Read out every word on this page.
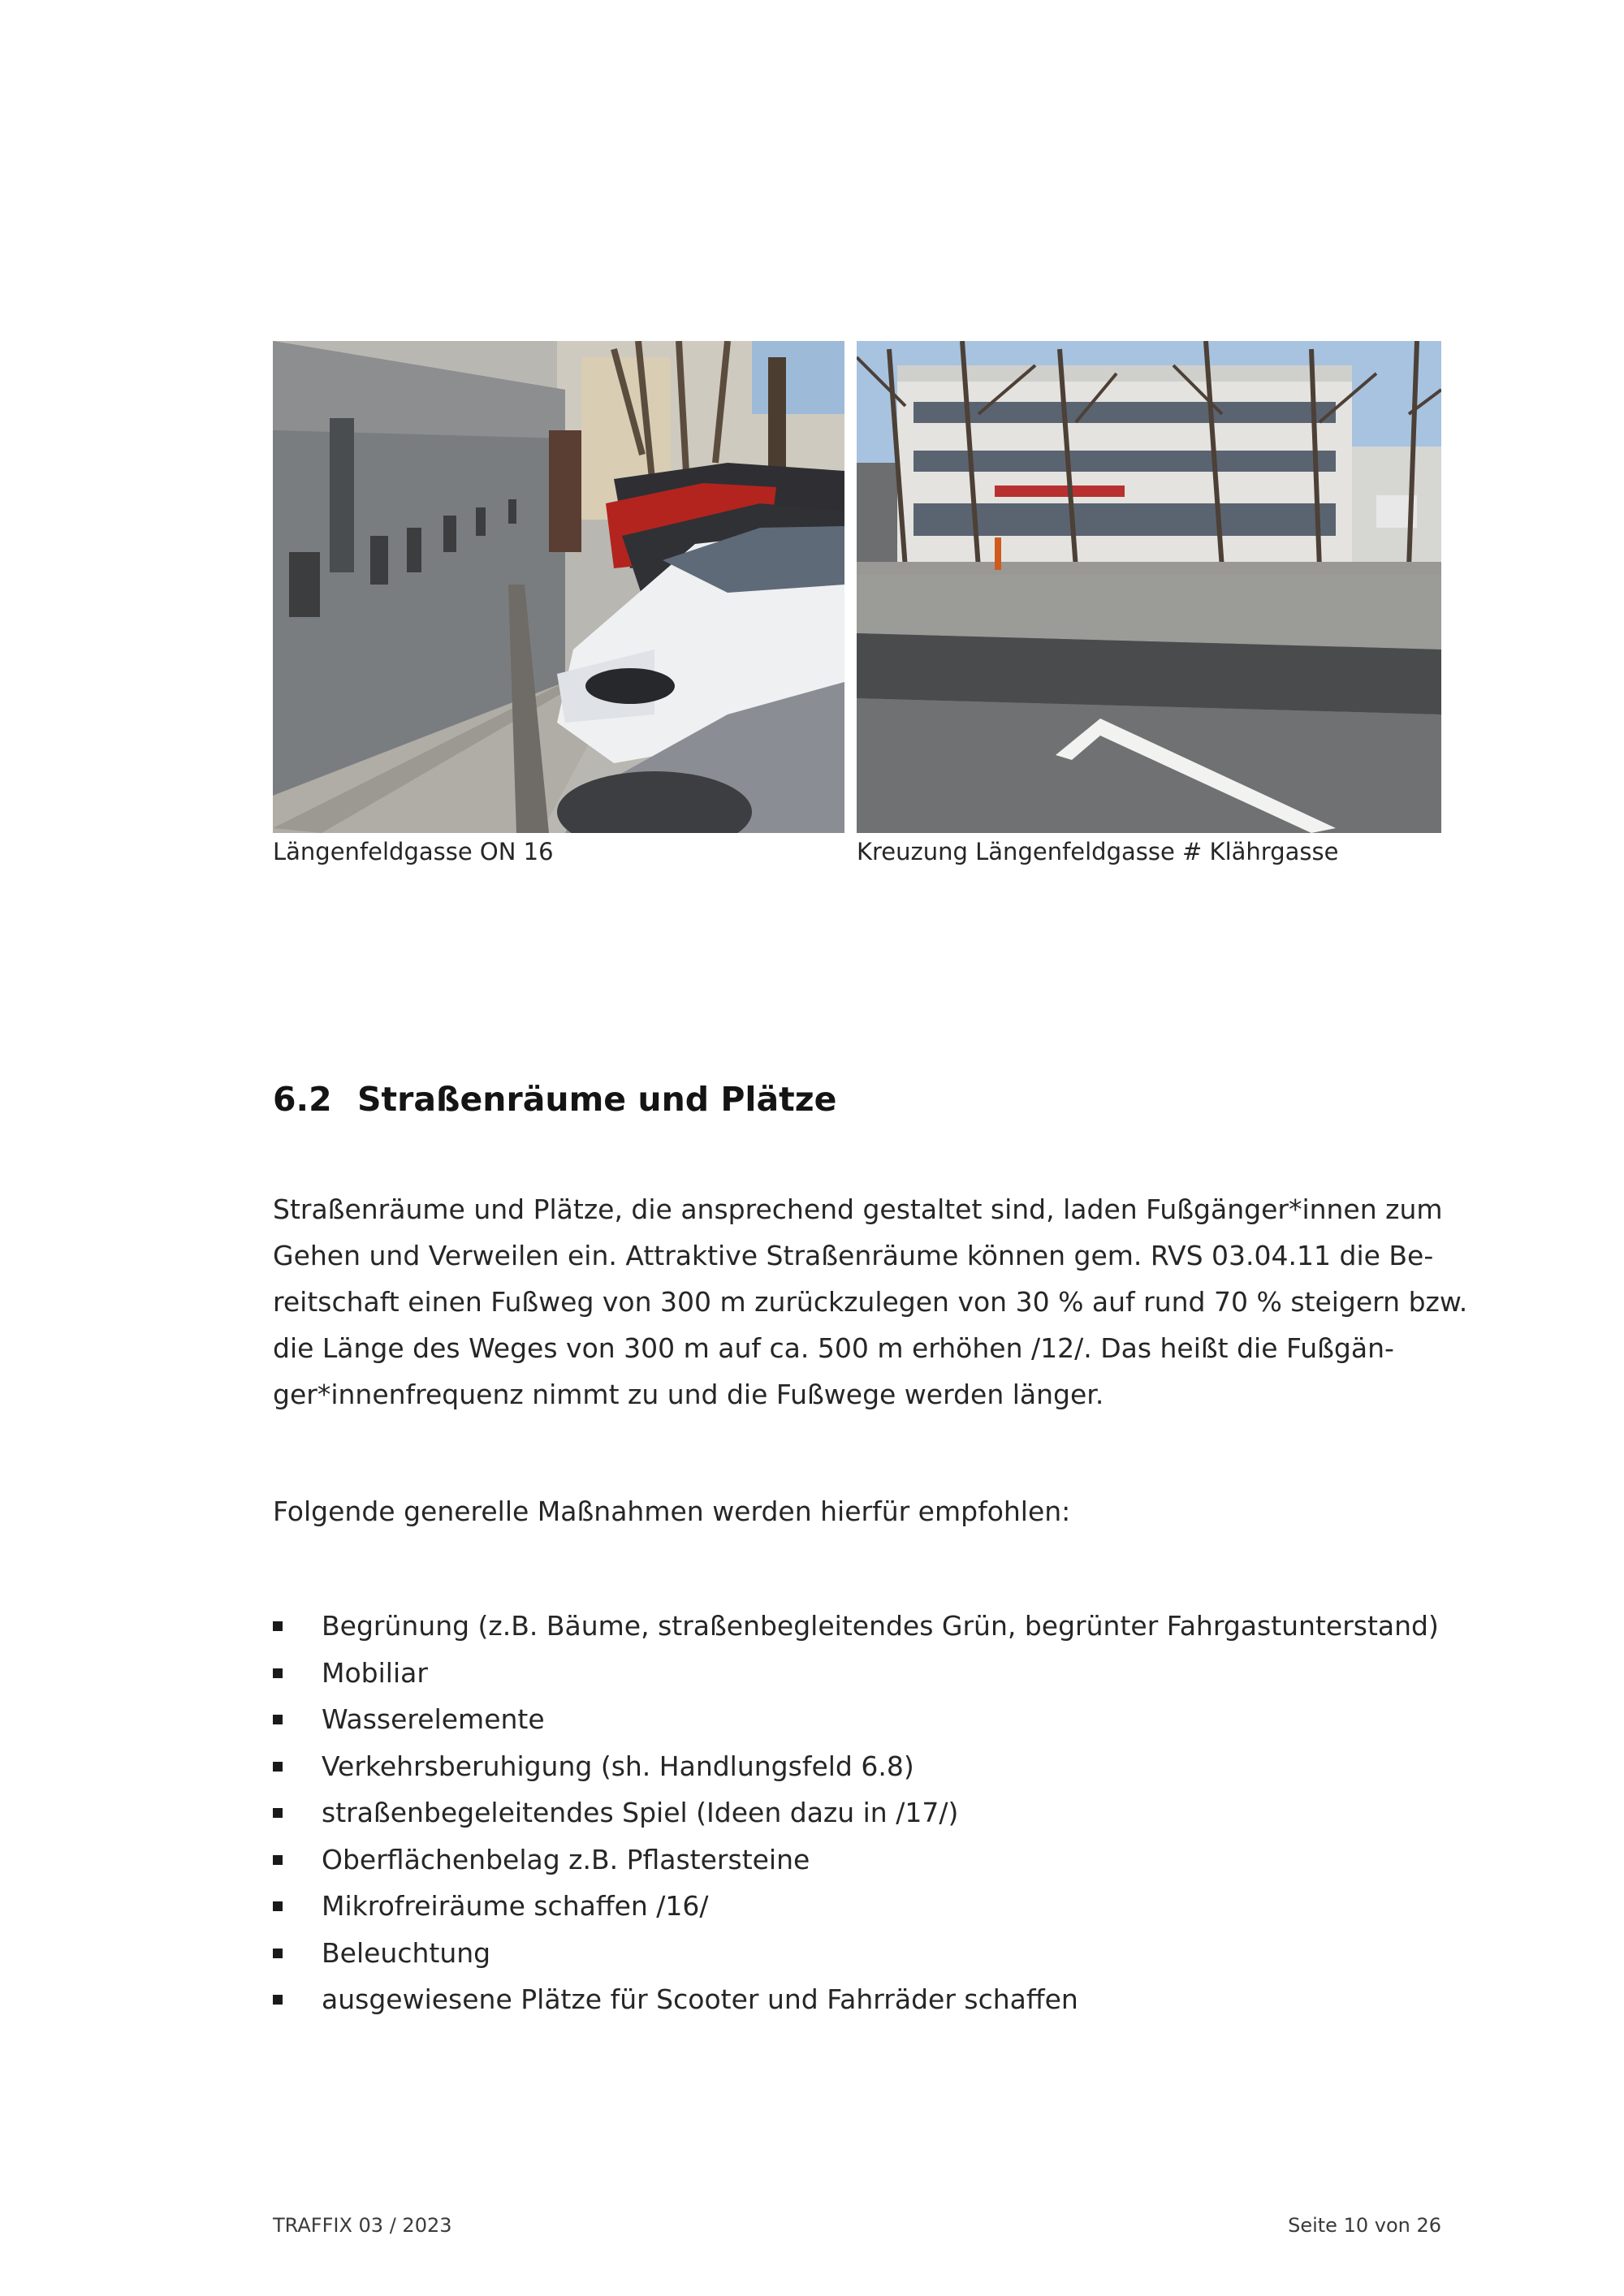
Längenfeldgasse ON 16	Kreuzung Längenfeldgasse # Klährgasse
6.2 Straßenräume und Plätze
Straßenräume und Plätze, die ansprechend gestaltet sind, laden Fußgänger*innen zum
Gehen und Verweilen ein. Attraktive Straßenräume können gem. RVS 03.04.11 die Be-
reitschaft einen Fußweg von 300 m zurückzulegen von 30 % auf rund 70 % steigern bzw.
die Länge des Weges von 300 m auf ca. 500 m erhöhen /12/. Das heißt die Fußgän-
ger*innenfrequenz nimmt zu und die Fußwege werden länger.
Folgende generelle Maßnahmen werden hierfür empfohlen:
Begrünung (z.B. Bäume, straßenbegleitendes Grün, begrünter Fahrgastunterstand)
Mobiliar
Wasserelemente
Verkehrsberuhigung (sh. Handlungsfeld 6.8)
straßenbegeleitendes Spiel (Ideen dazu in /17/)
Oberflächenbelag z.B. Pflastersteine
Mikrofreiräume schaffen /16/
Beleuchtung
ausgewiesene Plätze für Scooter und Fahrräder schaffen
TRAFFIX 03 / 2023	Seite 10 von 26
